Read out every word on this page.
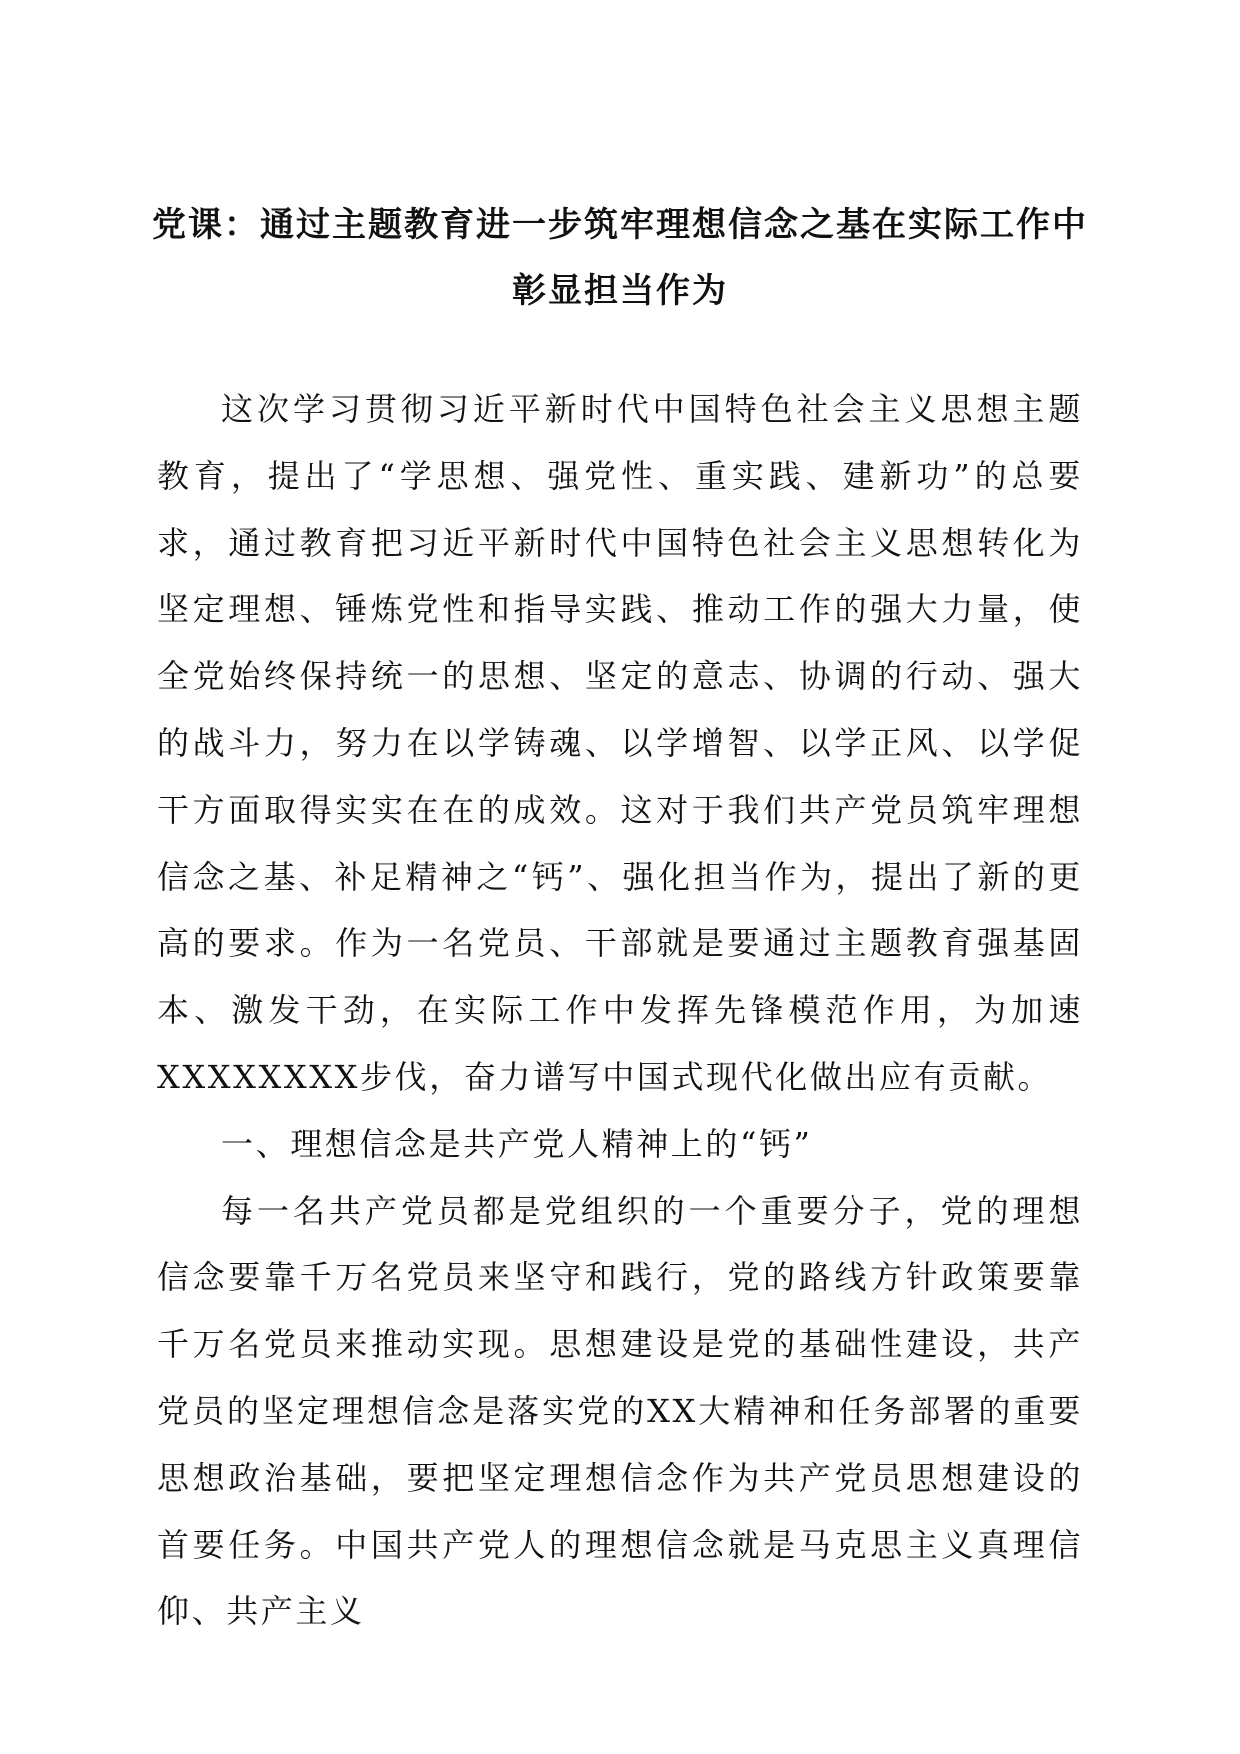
党课：通过主题教育进一步筑牢理想信念之基在实际工作中彰显担当作为

这次学习贯彻习近平新时代中国特色社会主义思想主题教育，提出了“学思想、强党性、重实践、建新功”的总要求，通过教育把习近平新时代中国特色社会主义思想转化为坚定理想、锤炼党性和指导实践、推动工作的强大力量，使全党始终保持统一的思想、坚定的意志、协调的行动、强大的战斗力，努力在以学铸魂、以学增智、以学正风、以学促干方面取得实实在在的成效。这对于我们共产党员筑牢理想信念之基、补足精神之“钙”、强化担当作为，提出了新的更高的要求。作为一名党员、干部就是要通过主题教育强基固本、激发干劲，在实际工作中发挥先锋模范作用，为加速XXXXXXXX步伐，奋力谱写中国式现代化做出应有贡献。

一、理想信念是共产党人精神上的“钙”

每一名共产党员都是党组织的一个重要分子，党的理想信念要靠千万名党员来坚守和践行，党的路线方针政策要靠千万名党员来推动实现。思想建设是党的基础性建设，共产党员的坚定理想信念是落实党的XX大精神和任务部署的重要思想政治基础，要把坚定理想信念作为共产党员思想建设的首要任务。中国共产党人的理想信念就是马克思主义真理信仰、共产主义
